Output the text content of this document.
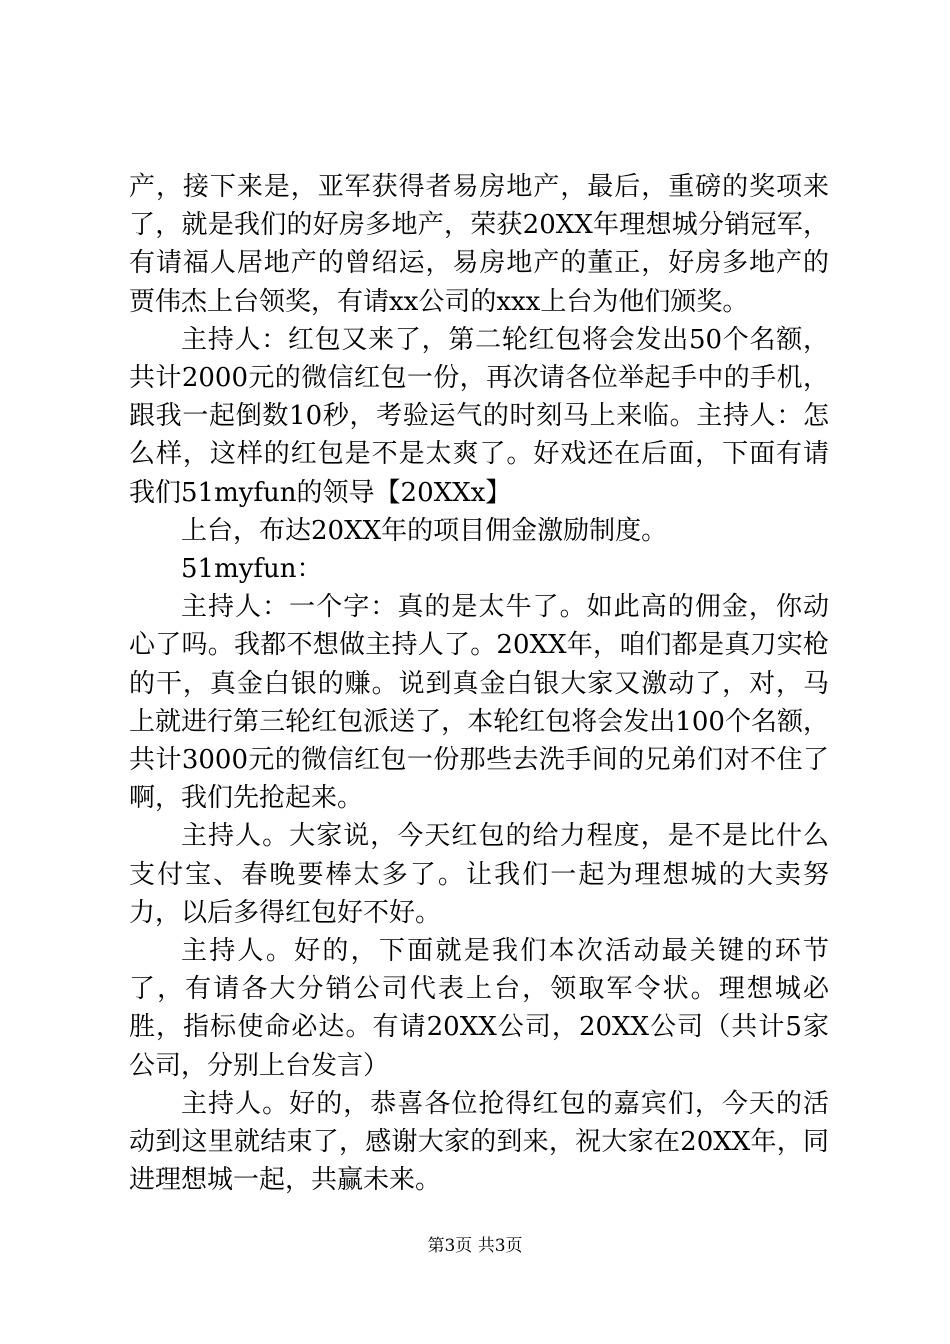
产，接下来是，亚军获得者易房地产，最后，重磅的奖项来了，就是我们的好房多地产，荣获20XX年理想城分销冠军，有请福人居地产的曾绍运，易房地产的董正，好房多地产的贾伟杰上台领奖，有请xx公司的xxx上台为他们颁奖。

主持人：红包又来了，第二轮红包将会发出50个名额，共计2000元的微信红包一份，再次请各位举起手中的手机，跟我一起倒数10秒，考验运气的时刻马上来临。主持人：怎么样，这样的红包是不是太爽了。好戏还在后面，下面有请我们51myfun的领导【20XXx】

上台，布达20XX年的项目佣金激励制度。

51myfun：

主持人：一个字：真的是太牛了。如此高的佣金，你动心了吗。我都不想做主持人了。20XX年，咱们都是真刀实枪的干，真金白银的赚。说到真金白银大家又激动了，对，马上就进行第三轮红包派送了，本轮红包将会发出100个名额，共计3000元的微信红包一份那些去洗手间的兄弟们对不住了啊，我们先抢起来。

主持人。大家说，今天红包的给力程度，是不是比什么支付宝、春晚要棒太多了。让我们一起为理想城的大卖努力，以后多得红包好不好。

主持人。好的，下面就是我们本次活动最关键的环节了，有请各大分销公司代表上台，领取军令状。理想城必胜，指标使命必达。有请20XX公司，20XX公司（共计5家公司，分别上台发言）

主持人。好的，恭喜各位抢得红包的嘉宾们，今天的活动到这里就结束了，感谢大家的到来，祝大家在20XX年，同进理想城一起，共赢未来。

第3页 共3页
